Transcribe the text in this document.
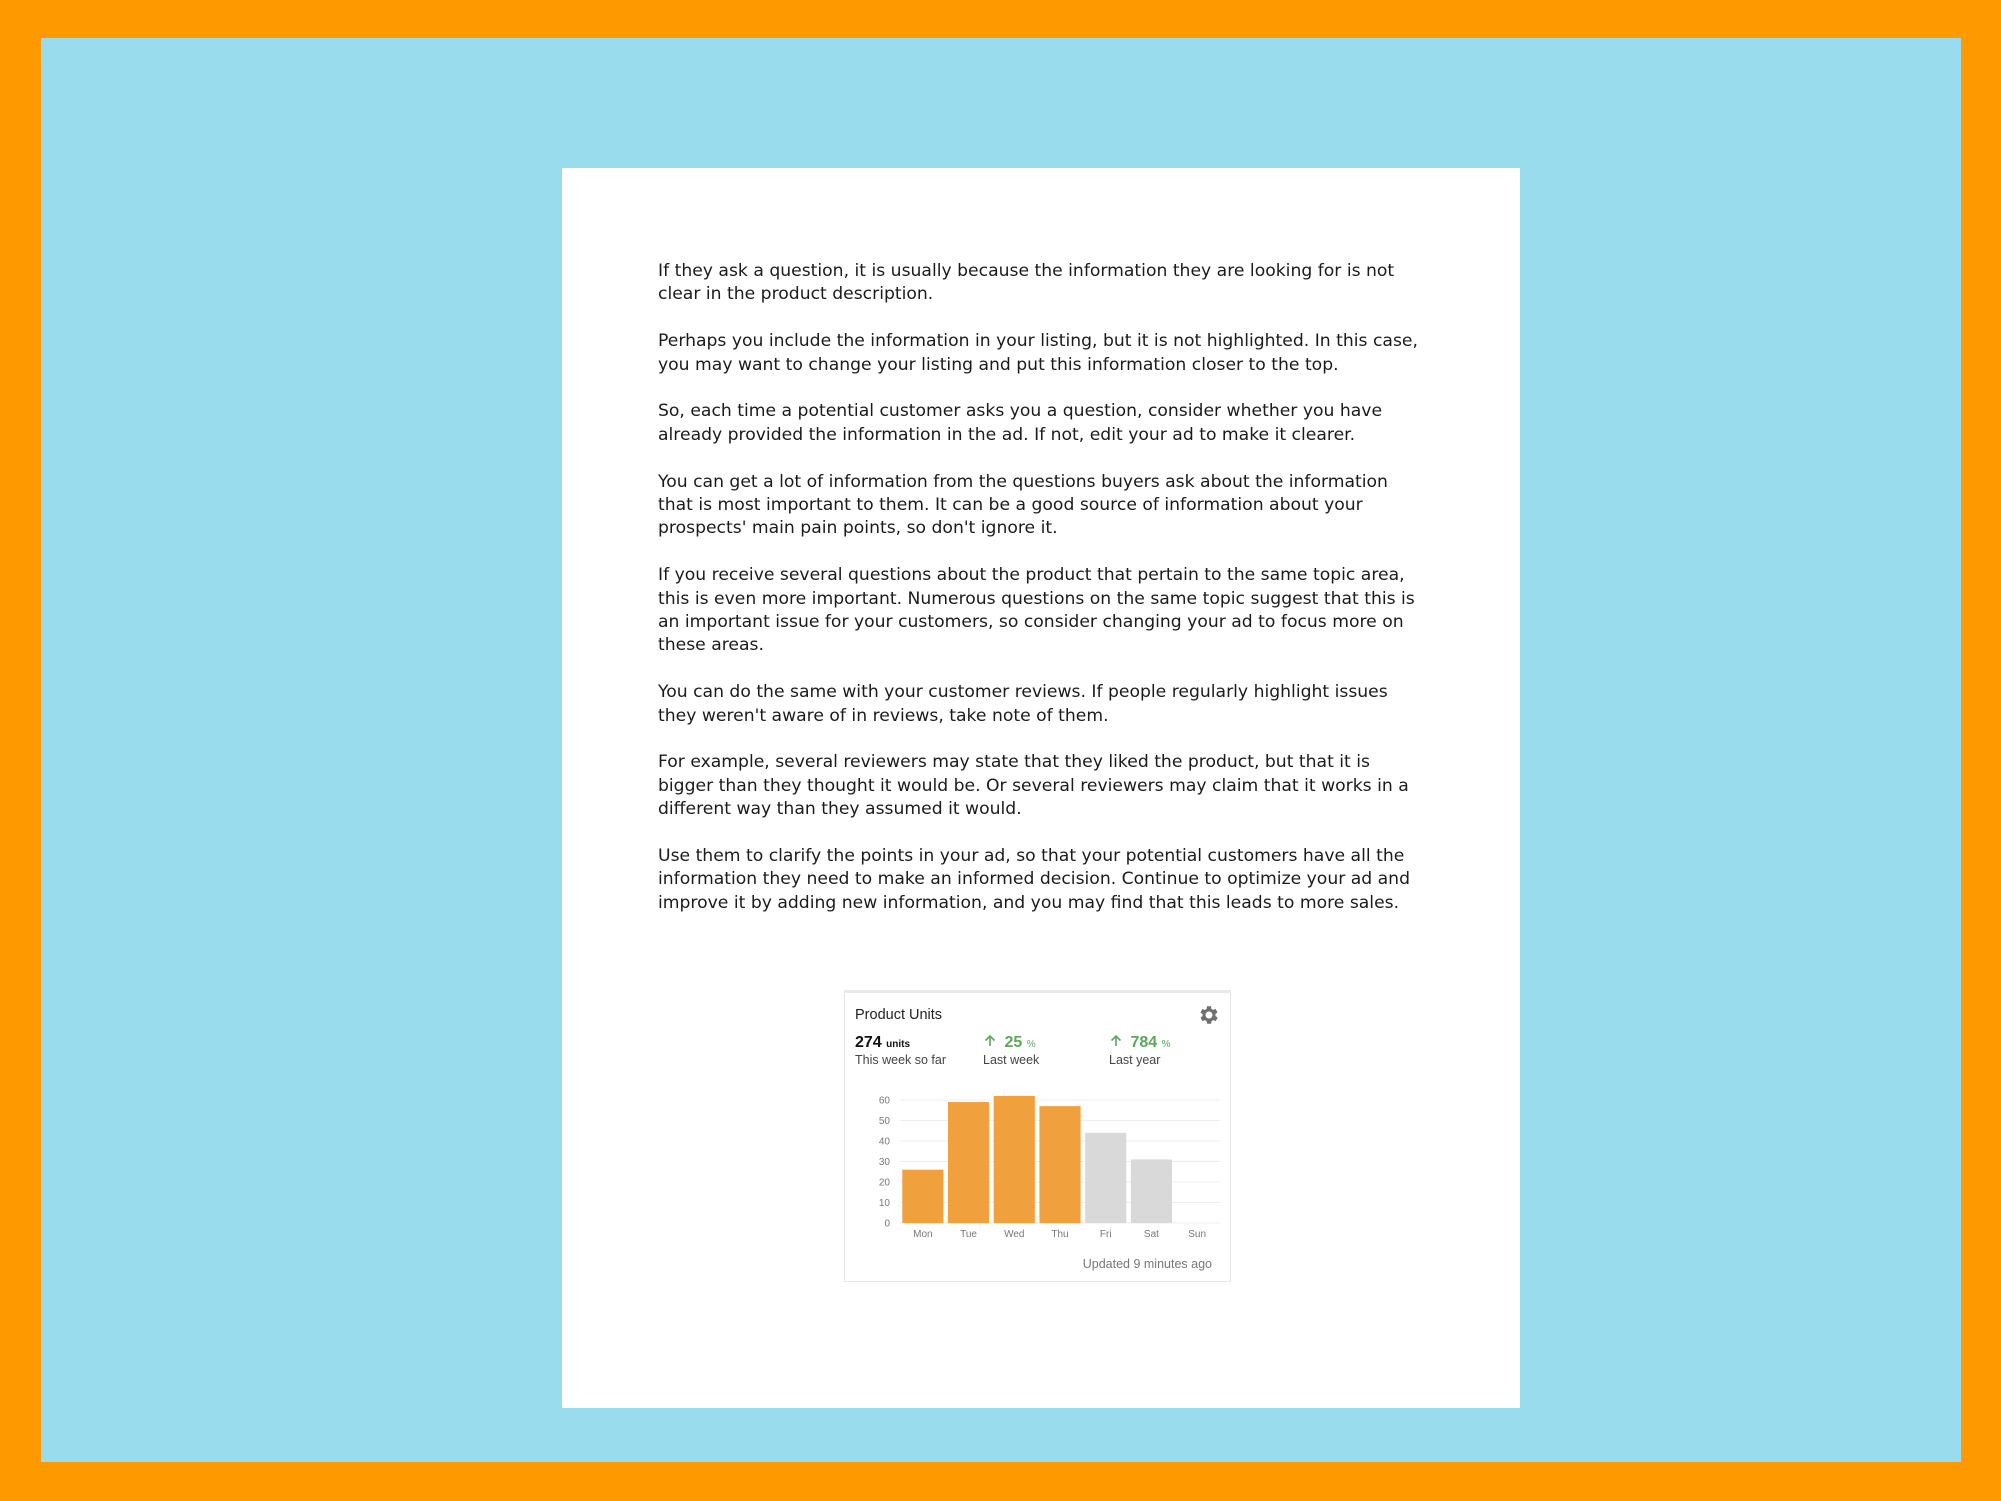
If they ask a question, it is usually because the information they are looking for is not clear in the product description.

Perhaps you include the information in your listing, but it is not highlighted. In this case, you may want to change your listing and put this information closer to the top.

So, each time a potential customer asks you a question, consider whether you have already provided the information in the ad. If not, edit your ad to make it clearer.

You can get a lot of information from the questions buyers ask about the information that is most important to them. It can be a good source of information about your prospects' main pain points, so don't ignore it.

If you receive several questions about the product that pertain to the same topic area, this is even more important. Numerous questions on the same topic suggest that this is an important issue for your customers, so consider changing your ad to focus more on these areas.

You can do the same with your customer reviews. If people regularly highlight issues they weren't aware of in reviews, take note of them.

For example, several reviewers may state that they liked the product, but that it is bigger than they thought it would be. Or several reviewers may claim that it works in a different way than they assumed it would.

Use them to clarify the points in your ad, so that your potential customers have all the information they need to make an informed decision. Continue to optimize your ad and improve it by adding new information, and you may find that this leads to more sales.

Product Units
274 units
This week so far
25 %
Last week
784 %
Last year
0
10
20
30
40
50
60
Mon	Tue	Wed	Thu	Fri	Sat	Sun
Updated 9 minutes ago
